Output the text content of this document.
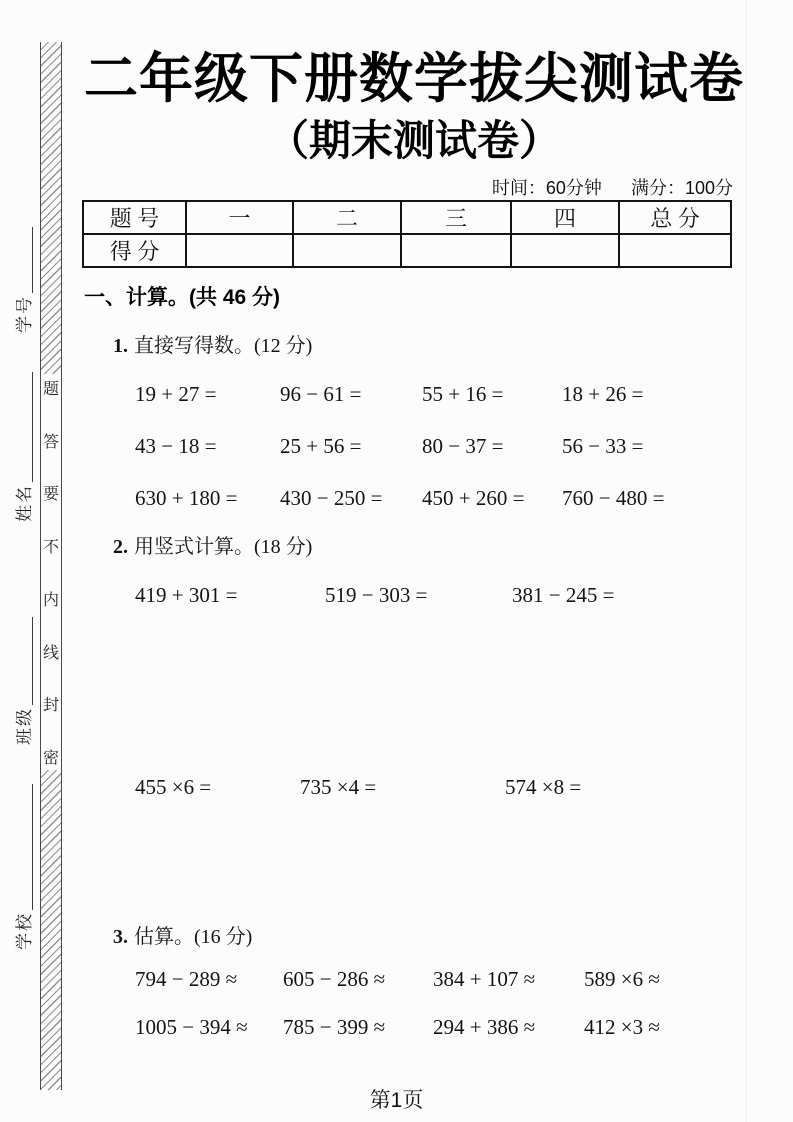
学号
姓名
班级
学校
题
答
要
不
内
线
封
密
二年级下册数学拔尖测试卷
（期末测试卷）
时间：60分钟 满分：100分
题 号	一	二	三	四	总 分
得 分
一、计算。(共 46 分)
1. 直接写得数。(12 分)
19 + 27 =	96 − 61 =	55 + 16 =	18 + 26 =
43 − 18 =	25 + 56 =	80 − 37 =	56 − 33 =
630 + 180 =	430 − 250 =	450 + 260 =	760 − 480 =
2. 用竖式计算。(18 分)
419 + 301 =	519 − 303 =	381 − 245 =
455 ×6 =	735 ×4 =	574 ×8 =
3. 估算。(16 分)
794 − 289 ≈	605 − 286 ≈	384 + 107 ≈	589 ×6 ≈
1005 − 394 ≈	785 − 399 ≈	294 + 386 ≈	412 ×3 ≈
第1页
